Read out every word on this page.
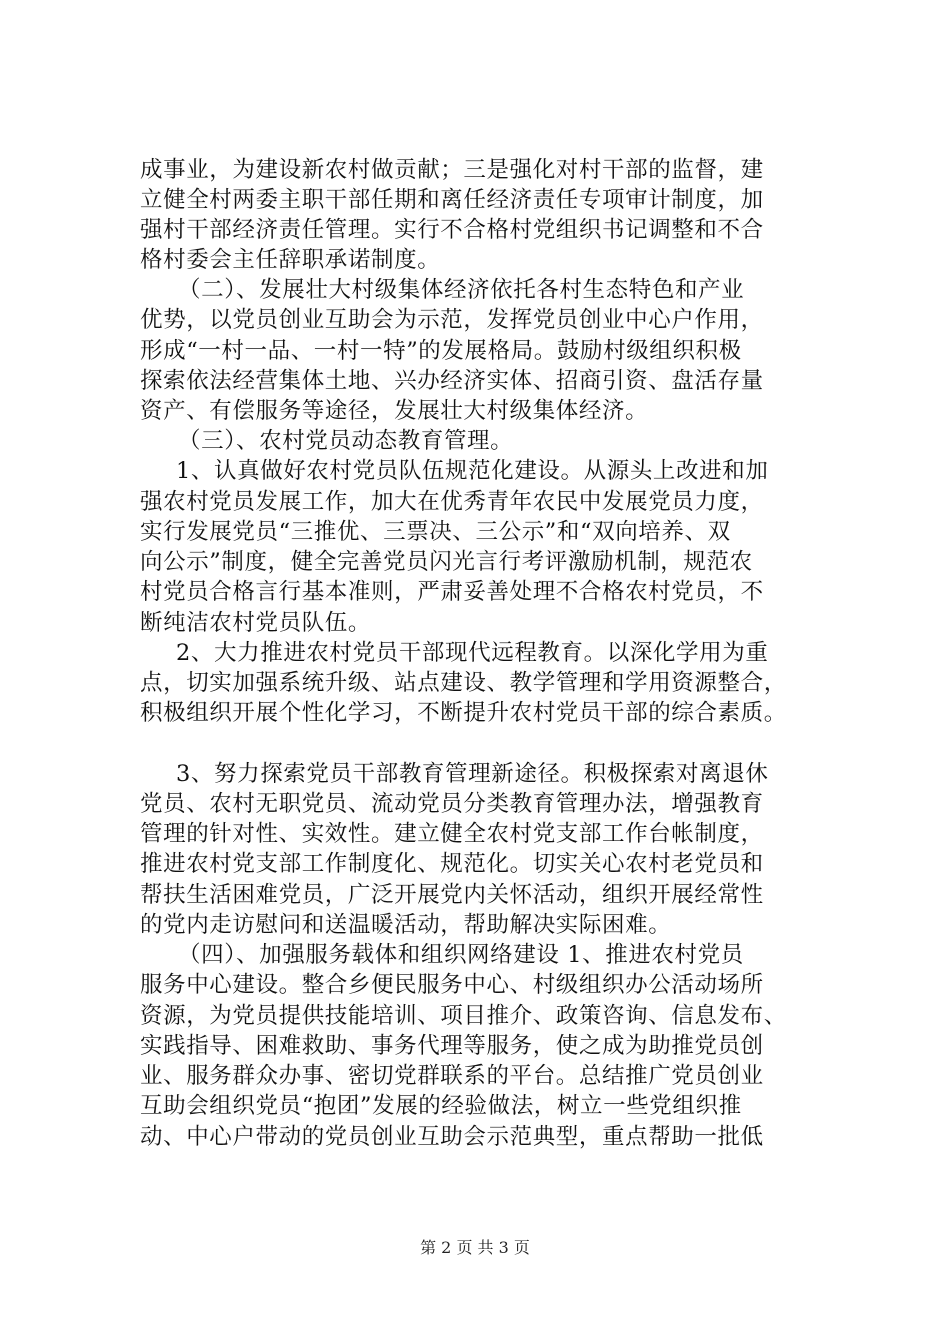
成事业，为建设新农村做贡献；三是强化对村干部的监督，建
立健全村两委主职干部任期和离任经济责任专项审计制度，加
强村干部经济责任管理。实行不合格村党组织书记调整和不合
格村委会主任辞职承诺制度。
（二）、发展壮大村级集体经济依托各村生态特色和产业
优势，以党员创业互助会为示范，发挥党员创业中心户作用，
形成“一村一品、一村一特”的发展格局。鼓励村级组织积极
探索依法经营集体土地、兴办经济实体、招商引资、盘活存量
资产、有偿服务等途径，发展壮大村级集体经济。
（三）、农村党员动态教育管理。
1、认真做好农村党员队伍规范化建设。从源头上改进和加
强农村党员发展工作，加大在优秀青年农民中发展党员力度，
实行发展党员“三推优、三票决、三公示”和“双向培养、双
向公示”制度，健全完善党员闪光言行考评激励机制，规范农
村党员合格言行基本准则，严肃妥善处理不合格农村党员，不
断纯洁农村党员队伍。
2、大力推进农村党员干部现代远程教育。以深化学用为重
点，切实加强系统升级、站点建设、教学管理和学用资源整合，
积极组织开展个性化学习，不断提升农村党员干部的综合素质。
3、努力探索党员干部教育管理新途径。积极探索对离退休
党员、农村无职党员、流动党员分类教育管理办法，增强教育
管理的针对性、实效性。建立健全农村党支部工作台帐制度，
推进农村党支部工作制度化、规范化。切实关心农村老党员和
帮扶生活困难党员，广泛开展党内关怀活动，组织开展经常性
的党内走访慰问和送温暖活动，帮助解决实际困难。
（四）、加强服务载体和组织网络建设 1、推进农村党员
服务中心建设。整合乡便民服务中心、村级组织办公活动场所
资源，为党员提供技能培训、项目推介、政策咨询、信息发布、
实践指导、困难救助、事务代理等服务，使之成为助推党员创
业、服务群众办事、密切党群联系的平台。总结推广党员创业
互助会组织党员“抱团”发展的经验做法，树立一些党组织推
动、中心户带动的党员创业互助会示范典型，重点帮助一批低
第 2 页 共 3 页
